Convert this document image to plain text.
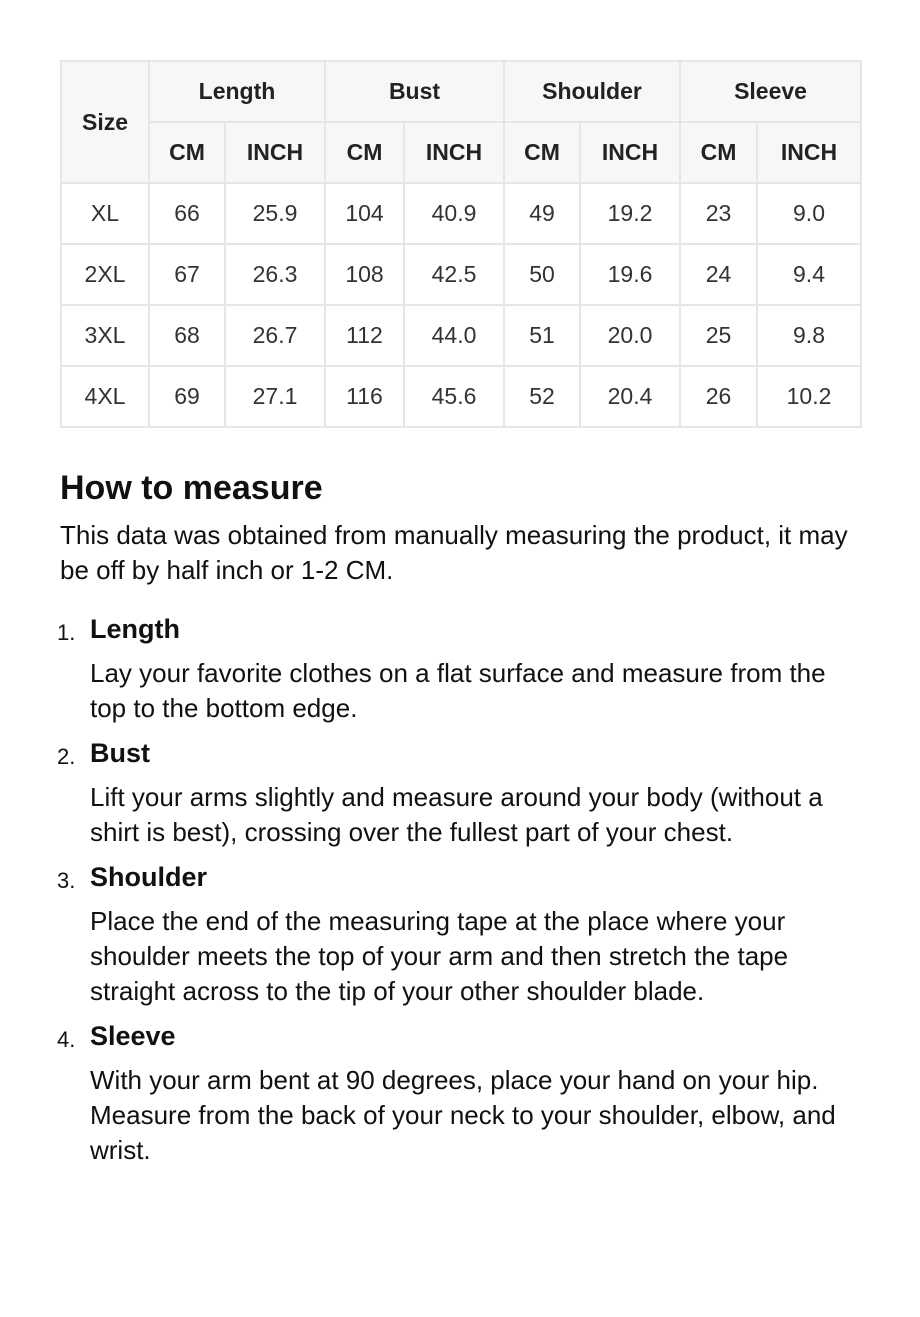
Size	Length		Bust		Shoulder		Sleeve	
	CM	INCH	CM	INCH	CM	INCH	CM	INCH
XL	66	25.9	104	40.9	49	19.2	23	9.0
2XL	67	26.3	108	42.5	50	19.6	24	9.4
3XL	68	26.7	112	44.0	51	20.0	25	9.8
4XL	69	27.1	116	45.6	52	20.4	26	10.2
How to measure

This data was obtained from manually measuring the product, it may be off by half inch or 1-2 CM.

1. Length
Lay your favorite clothes on a flat surface and measure from the top to the bottom edge.
2. Bust
Lift your arms slightly and measure around your body (without a shirt is best), crossing over the fullest part of your chest.
3. Shoulder
Place the end of the measuring tape at the place where your shoulder meets the top of your arm and then stretch the tape straight across to the tip of your other shoulder blade.
4. Sleeve
With your arm bent at 90 degrees, place your hand on your hip. Measure from the back of your neck to your shoulder, elbow, and wrist.
